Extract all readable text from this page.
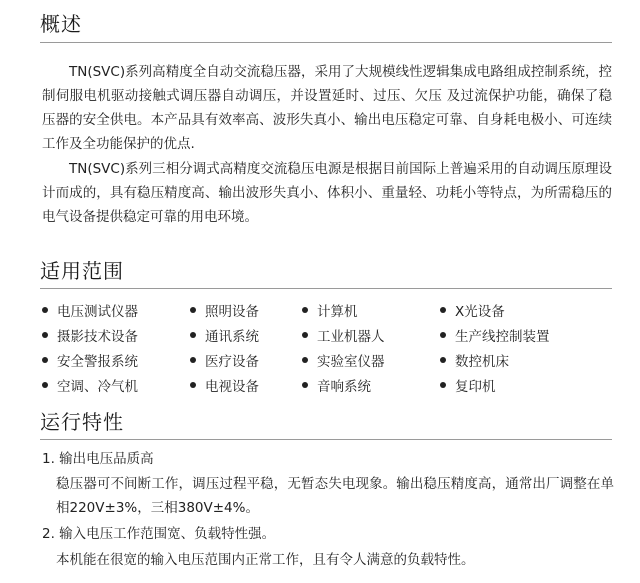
概述

TN(SVC)系列高精度全自动交流稳压器，采用了大规模线性逻辑集成电路组成控制系统，控制伺服电机驱动接触式调压器自动调压，并设置延时、过压、欠压 及过流保护功能，确保了稳压器的安全供电。本产品具有效率高、波形失真小、输出电压稳定可靠、自身耗电极小、可连续工作及全功能保护的优点.

TN(SVC)系列三相分调式高精度交流稳压电源是根据目前国际上普遍采用的自动调压原理设计而成的，具有稳压精度高、输出波形失真小、体积小、重量轻、功耗小等特点，为所需稳压的电气设备提供稳定可靠的用电环境。

适用范围
电压测试仪器	照明设备	计算机	X光设备
摄影技术设备	通讯系统	工业机器人	生产线控制装置
安全警报系统	医疗设备	实验室仪器	数控机床
空调、冷气机	电视设备	音响系统	复印机
运行特性
1. 输出电压品质高

稳压器可不间断工作，调压过程平稳，无暂态失电现象。输出稳压精度高，通常出厂调整在单相220V±3%，三相380V±4%。

2. 输入电压工作范围宽、负载特性强。

本机能在很宽的输入电压范围内正常工作，且有令人满意的负载特性。
